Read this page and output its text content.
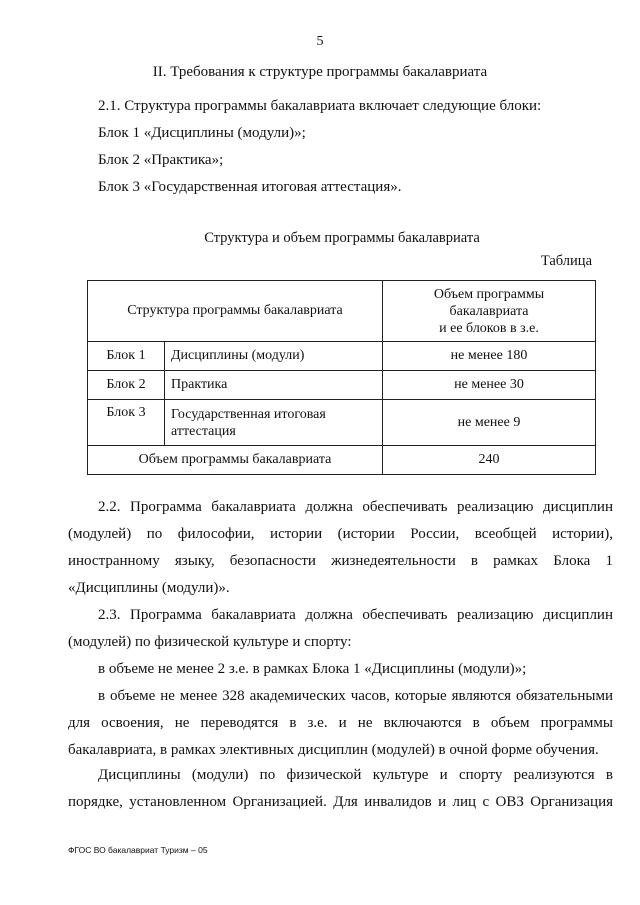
5
II. Требования к структуре программы бакалавриата
2.1. Структура программы бакалавриата включает следующие блоки:
Блок 1 «Дисциплины (модули)»;
Блок 2 «Практика»;
Блок 3 «Государственная итоговая аттестация».
Структура и объем программы бакалавриата
Таблица
Структура программы бакалавриата		Объем программы
бакалавриата
и ее блоков в з.е.

Блок 1	Дисциплины (модули)	не менее 180
Блок 2	Практика	не менее 30
Блок 3	Государственная итоговая аттестация	не менее 9
Объем программы бакалавриата		240
2.2. Программа бакалавриата должна обеспечивать реализацию дисциплин
(модулей) по философии, истории (истории России, всеобщей истории),
иностранному языку, безопасности жизнедеятельности в рамках Блока 1
«Дисциплины (модули)».
2.3. Программа бакалавриата должна обеспечивать реализацию дисциплин
(модулей) по физической культуре и спорту:
в объеме не менее 2 з.е. в рамках Блока 1 «Дисциплины (модули)»;
в объеме не менее 328 академических часов, которые являются обязательными
для освоения, не переводятся в з.е. и не включаются в объем программы
бакалавриата, в рамках элективных дисциплин (модулей) в очной форме обучения.
Дисциплины (модули) по физической культуре и спорту реализуются в
порядке, установленном Организацией. Для инвалидов и лиц с ОВЗ Организация
ФГОС ВО бакалавриат Туризм – 05
